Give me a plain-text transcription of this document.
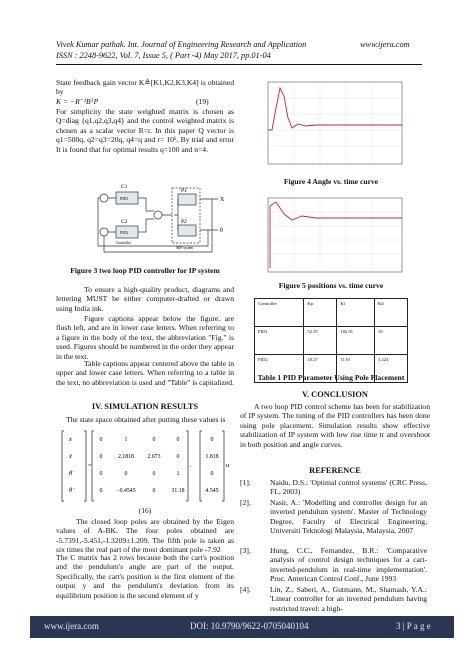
Vivek Kumar pathak. Int. Journal of Engineering Research and Application
ISSN : 2248-9622, Vol. 7, Issue 5, ( Part -4) May 2017, pp.01-04
www.ijera.com

State feedback gain vector K≜[K1,K2,K3,K4] is obtained by

K = −R⁻¹BᵀP	(19)

For simplicity the state weighted matrix is chosen as Q=diag {q1,q2,q3,q4} and the control weighted matrix is chosen as a scalar vector R=r. In this paper Q vector is q1=500q, q2=q3=20q, q4=q and r= 10⁶. By trial and error It is found that for optimal results q=100 and n=4.

C1
C2
P1
P2
PID1
PID2
X
θ
Controller
MIP system
Figure 3 two loop PID controller for IP system

To ensure a high-quality product, diagrams and lettering MUST be either computer-drafted or drawn using India ink.

Figure captions appear below the figure, are flush left, and are in lower case letters. When referring to a figure in the body of the text, the abbreviation "Fig." is used. Figures should be numbered in the order they appear in the text.

Table captions appear centered above the table in upper and lower case letters. When referring to a table in the text, no abbreviation is used and "Table" is capitalized.

IV. SIMULATION RESULTS
The state space obtained after putting these values is
ẋ
ẍ
θ̇
θ̈
=	.	u
0	1	0	0
0	2.1818 2.673	0
0	0	0	1
0 −0.4545	0	31.18
0
1.818
0
4.545
(16)

The closed loop poles are obtained by the Eigen values of A-BK. The four poles obtained are -5.7391,-5.451,-1.3209±1.209. The fifth pole is taken as six times the real part of the most dominant pole -7.92

The C matrix has 2 rows because both the cart's position and the pendulum's angle are part of the output. Specifically, the cart's position is the first element of the output y and the pendulum's deviation from its equilibrium position is the second element of y

Figure 4 Angle vs. time curve
Figure 5 positions vs. time curve
Controller	Kp	Ki	Kd
PID1	52.35	102.91	10
PID2	18.27	11.91	3.224
Table 1 PID Parameter Using Pole Placement
V. CONCLUSION

A two loop PID control scheme has been for stabilization of IP system. The tuning of the PID controllers has been done using pole placement. Simulation results show effective stabilization of IP system with low rise time tr and overshoot in both position and angle curves.

REFERENCE
[1].	Naidu, D.S.: 'Optimal control systems' (CRC Press, FL, 2003)
[2].	Nasir, A.: 'Modelling and controller design for an inverted pendulum system'. Master of Technology Degree, Faculty of Electrical Engineering, Universiti Teknologi Malaysia, Malaysia, 2007
[3].	Hung, C.C., Fernandez, B.R.: 'Comparative analysis of control design techniques for a cart-inverted-pendulum in real-time implementation'. Proc. American Control Conf., June 1993
[4].	Lin, Z., Saberi, A., Gutmann, M., Shamash, Y.A.: 'Linear controller for an inverted pendulum having restricted travel: a high-
www.ijera.com	DOI: 10.9790/9622-0705040104	3 | P a g e
